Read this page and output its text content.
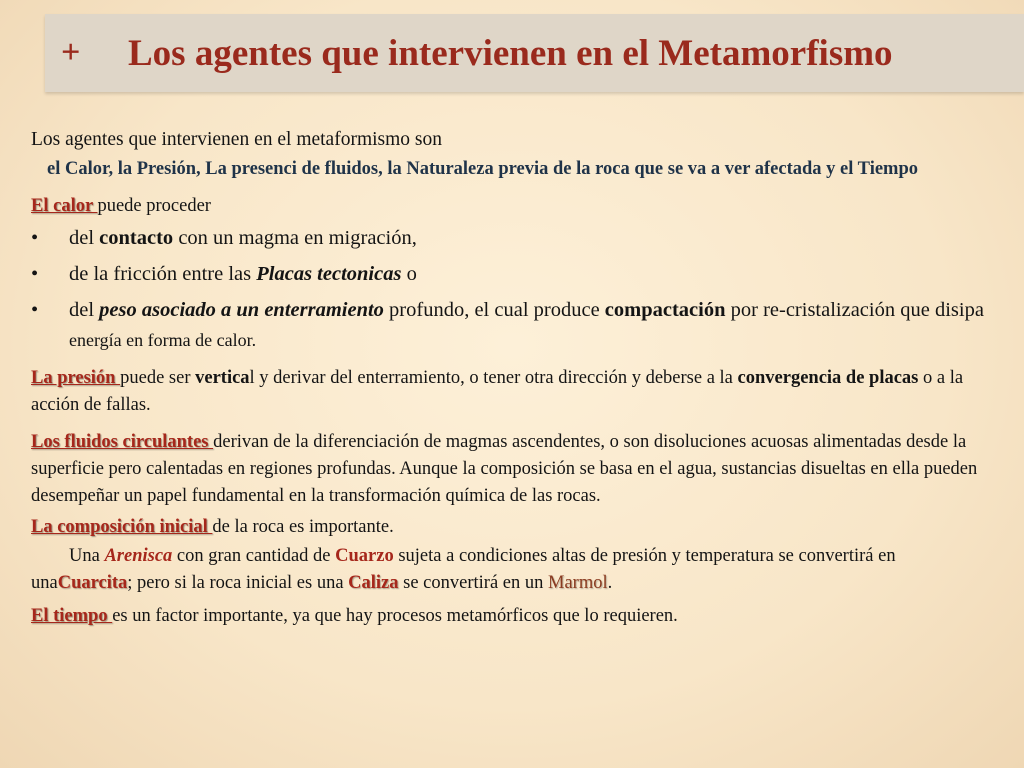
+ Los agentes que intervienen en el Metamorfismo

Los agentes que intervienen en el metaformismo son

el Calor, la Presión, La presenci de fluidos, la Naturaleza previa de la roca que se va a ver afectada y el Tiempo

El calor puede proceder
• del contacto con un magma en migración,
• de la fricción entre las Placas tectonicas o
• del peso asociado a un enterramiento profundo, el cual produce compactación por re-cristalización que disipa energía en forma de calor.

La presión puede ser vertical y derivar del enterramiento, o tener otra dirección y deberse a la convergencia de placas o a la acción de fallas.

Los fluidos circulantes derivan de la diferenciación de magmas ascendentes, o son disoluciones acuosas alimentadas desde la superficie pero calentadas en regiones profundas. Aunque la composición se basa en el agua, sustancias disueltas en ella pueden desempeñar un papel fundamental en la transformación química de las rocas.

La composición inicial de la roca es importante.

Una Arenisca con gran cantidad de Cuarzo sujeta a condiciones altas de presión y temperatura se convertirá en unaCuarcita; pero si la roca inicial es una Caliza se convertirá en un Marmol.

El tiempo es un factor importante, ya que hay procesos metamórficos que lo requieren.
